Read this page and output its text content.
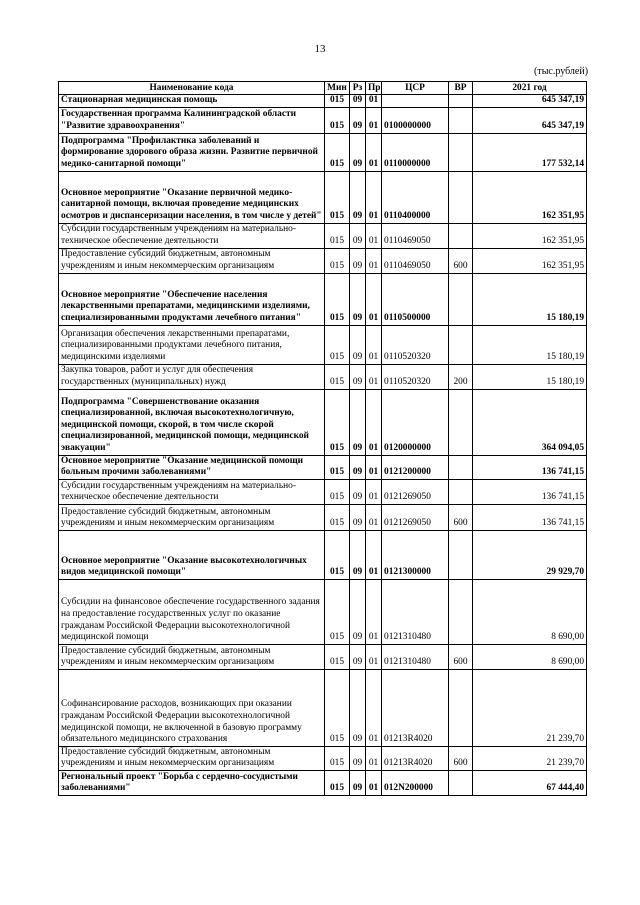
13
(тыс.рублей)
Наименование кода	Мин	Рз	Пр	ЦСР	ВР	2021 год
Стационарная медицинская помощь	015	09	01			645 347,19
Государственная программа Калининградской области "Развитие здравоохранения"	015	09	01	0100000000		645 347,19
Подпрограмма "Профилактика заболеваний и формирование здорового образа жизни. Развитие первичной медико-санитарной помощи"	015	09	01	0110000000		177 532,14
Основное мероприятие "Оказание первичной медико-санитарной помощи, включая проведение медицинских осмотров и диспансеризации населения, в том числе у детей"	015	09	01	0110400000		162 351,95
Субсидии государственным учреждениям на материально-техническое обеспечение деятельности	015	09	01	0110469050		162 351,95
Предоставление субсидий бюджетным, автономным учреждениям и иным некоммерческим организациям	015	09	01	0110469050	600	162 351,95
Основное мероприятие "Обеспечение населения лекарственными препаратами, медицинскими изделиями, специализированными продуктами лечебного питания"	015	09	01	0110500000		15 180,19
Организация обеспечения лекарственными препаратами, специализированными продуктами лечебного питания, медицинскими изделиями	015	09	01	0110520320		15 180,19
Закупка товаров, работ и услуг для обеспечения государственных (муниципальных) нужд	015	09	01	0110520320	200	15 180,19
Подпрограмма "Совершенствование оказания специализированной, включая высокотехнологичную, медицинской помощи, скорой, в том числе скорой специализированной, медицинской помощи, медицинской эвакуации"	015	09	01	0120000000		364 094,05
Основное мероприятие "Оказание медицинской помощи больным прочими заболеваниями"	015	09	01	0121200000		136 741,15
Субсидии государственным учреждениям на материально-техническое обеспечение деятельности	015	09	01	0121269050		136 741,15
Предоставление субсидий бюджетным, автономным учреждениям и иным некоммерческим организациям	015	09	01	0121269050	600	136 741,15
Основное мероприятие "Оказание высокотехнологичных видов медицинской помощи"	015	09	01	0121300000		29 929,70
Субсидии на финансовое обеспечение государственного задания на предоставление государственных услуг по оказание гражданам Российской Федерации высокотехнологичной медицинской помощи	015	09	01	0121310480		8 690,00
Предоставление субсидий бюджетным, автономным учреждениям и иным некоммерческим организациям	015	09	01	0121310480	600	8 690,00
Софинансирование расходов, возникающих при оказании гражданам Российской Федерации высокотехнологичной медицинской помощи, не включенной в базовую программу обязательного медицинского страхования	015	09	01	01213R4020		21 239,70
Предоставление субсидий бюджетным, автономным учреждениям и иным некоммерческим организациям	015	09	01	01213R4020	600	21 239,70
Региональный проект "Борьба с сердечно-сосудистыми заболеваниями"	015	09	01	012N200000		67 444,40
